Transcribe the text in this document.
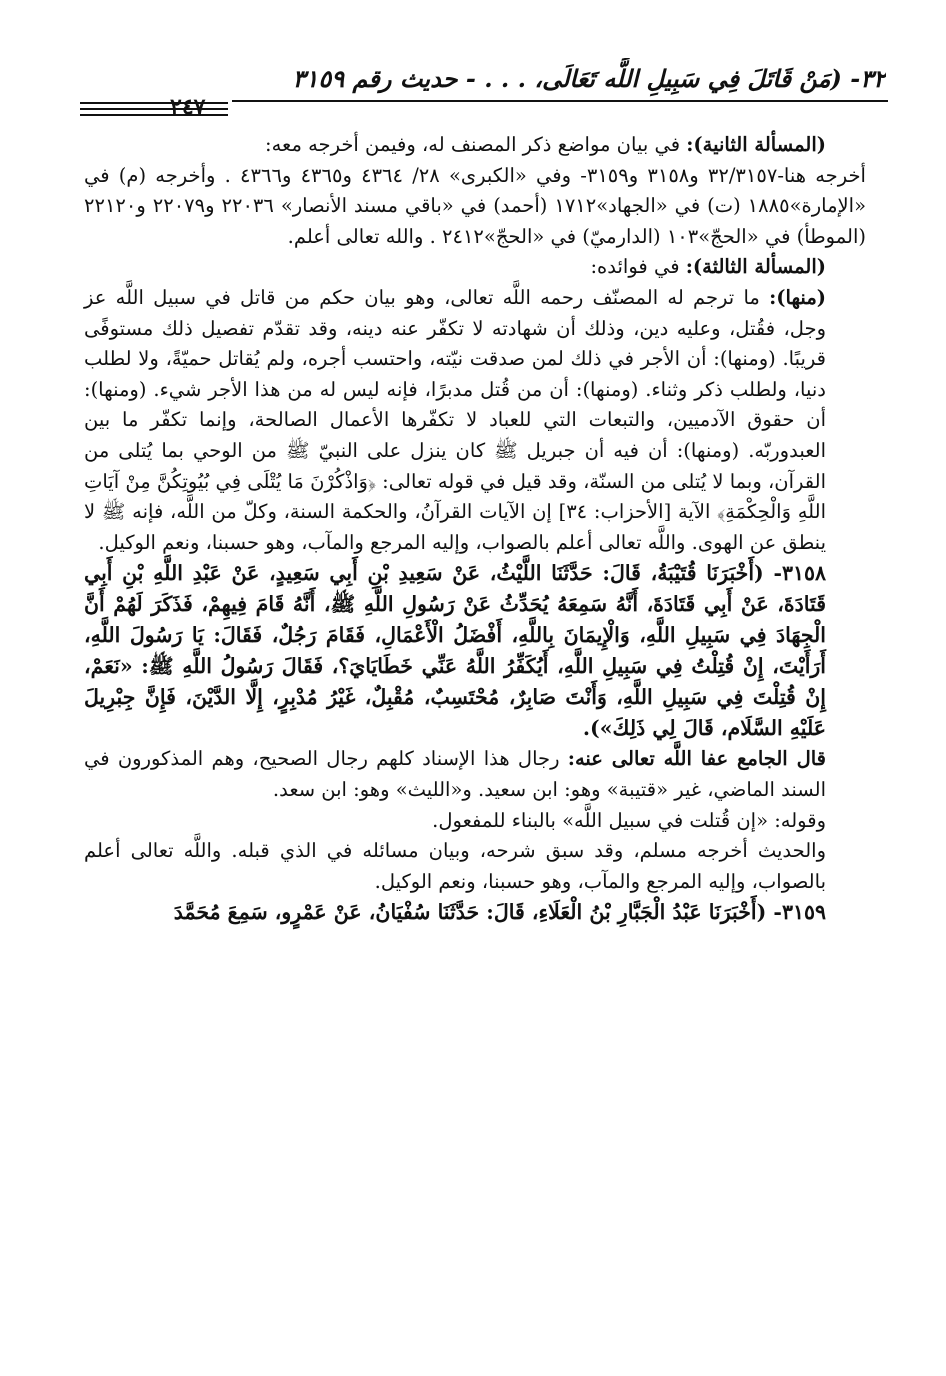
٣٢- (مَنْ قَاتَلَ فِي سَبِيلِ اللَّه تَعَالَى، . . . - حديث رقم ٣١٥٩
٢٤٧

(المسألة الثانية): في بيان مواضع ذكر المصنف له، وفيمن أخرجه معه:

أخرجه هنا-٣٢/٣١٥٧ و٣١٥٨ و٣١٥٩- وفي «الكبرى» ٢٨/ ٤٣٦٤ و٤٣٦٥ و٤٣٦٦ . وأخرجه (م) في «الإمارة»١٨٨٥ (ت) في «الجهاد»١٧١٢ (أحمد) في «باقي مسند الأنصار» ٢٢٠٣٦ و٢٢٠٧٩ و٢٢١٢٠ (الموطأ) في «الحجّ»١٠٣ (الدارميّ) في «الحجّ»٢٤١٢ . والله تعالى أعلم.

(المسألة الثالثة): في فوائده:

(منها): ما ترجم له المصنّف رحمه اللَّه تعالى، وهو بيان حكم من قاتل في سبيل اللَّه عز وجل، فقُتل، وعليه دين، وذلك أن شهادته لا تكفّر عنه دينه، وقد تقدّم تفصيل ذلك مستوفًى قريبًا. (ومنها): أن الأجر في ذلك لمن صدقت نيّته، واحتسب أجره، ولم يُقاتل حميّةً، ولا لطلب دنيا، ولطلب ذكر وثناء. (ومنها): أن من قُتل مدبرًا، فإنه ليس له من هذا الأجر شيء. (ومنها): أن حقوق الآدميين، والتبعات التي للعباد لا تكفّرها الأعمال الصالحة، وإنما تكفّر ما بين العبدوربّه. (ومنها): أن فيه أن جبريل ﷺ كان ينزل على النبيّ ﷺ من الوحي بما يُتلى من القرآن، وبما لا يُتلى من السنّة، وقد قيل في قوله تعالى: ﴿وَاذْكُرْنَ مَا يُتْلَى فِي بُيُوتِكُنَّ مِنْ آيَاتِ اللَّهِ وَالْحِكْمَةِ﴾ الآية [الأحزاب: ٣٤] إن الآيات القرآنُ، والحكمة السنة، وكلّ من اللَّه، فإنه ﷺ لا ينطق عن الهوى. واللَّه تعالى أعلم بالصواب، وإليه المرجع والمآب، وهو حسبنا، ونعم الوكيل.

٣١٥٨- (أَخْبَرَنَا قُتَيْبَةُ، قَالَ: حَدَّثَنَا اللَّيْثُ، عَنْ سَعِيدِ بْنِ أَبِي سَعِيدٍ، عَنْ عَبْدِ اللَّهِ بْنِ أَبِي قَتَادَةَ، عَنْ أَبِي قَتَادَةَ، أَنَّهُ سَمِعَهُ يُحَدِّثُ عَنْ رَسُولِ اللَّهِ ﷺ، أَنَّهُ قَامَ فِيهِمْ، فَذَكَرَ لَهُمْ أَنَّ الْجِهَادَ فِي سَبِيلِ اللَّهِ، وَالْإِيمَانَ بِاللَّهِ، أَفْضَلُ الْأَعْمَالِ، فَقَامَ رَجُلٌ، فَقَالَ: يَا رَسُولَ اللَّهِ، أَرَأَيْتَ، إِنْ قُتِلْتُ فِي سَبِيلِ اللَّهِ، أَيُكَفِّرُ اللَّهُ عَنِّي خَطَايَايَ؟، فَقَالَ رَسُولُ اللَّهِ ﷺ: «نَعَمْ، إِنْ قُتِلْتَ فِي سَبِيلِ اللَّهِ، وَأَنْتَ صَابِرٌ، مُحْتَسِبٌ، مُقْبِلٌ، غَيْرُ مُدْبِرٍ، إِلَّا الدَّيْنَ، فَإِنَّ جِبْرِيلَ عَلَيْهِ السَّلَام، قَالَ لِي ذَلِكَ»).

قال الجامع عفا اللَّه تعالى عنه: رجال هذا الإسناد كلهم رجال الصحيح، وهم المذكورون في السند الماضي، غير «قتيبة» وهو: ابن سعيد. و«الليث» وهو: ابن سعد.

وقوله: «إن قُتلت في سبيل اللَّه» بالبناء للمفعول.

والحديث أخرجه مسلم، وقد سبق شرحه، وبيان مسائله في الذي قبله. واللَّه تعالى أعلم بالصواب، وإليه المرجع والمآب، وهو حسبنا، ونعم الوكيل.

٣١٥٩- (أَخْبَرَنَا عَبْدُ الْجَبَّارِ بْنُ الْعَلَاءِ، قَالَ: حَدَّثَنَا سُفْيَانُ، عَنْ عَمْرٍو، سَمِعَ مُحَمَّدَ
